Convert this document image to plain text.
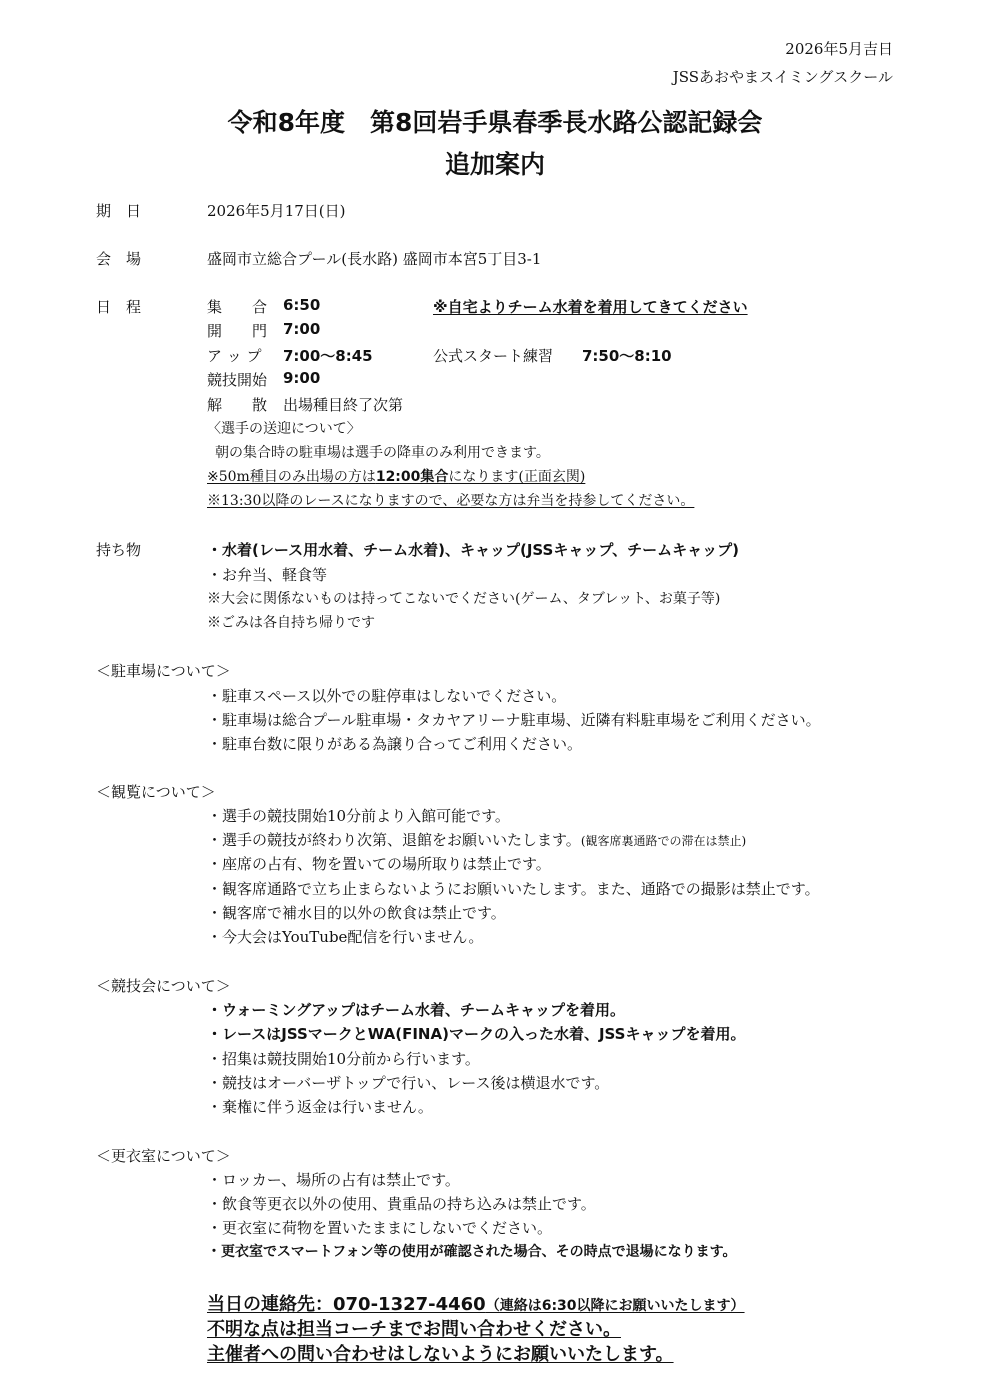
2026年5月吉日
JSSあおやまスイミングスクール
令和8年度　第8回岩手県春季長水路公認記録会
追加案内
期　日	2026年5月17日(日)
会　場	盛岡市立総合プール(長水路) 盛岡市本宮5丁目3-1
日　程	集　　合 6:50	※自宅よりチーム水着を着用してきてください
開　　門 7:00
ア ッ プ 7:00〜8:45	公式スタート練習 7:50〜8:10
競技開始 9:00
解　　散 出場種目終了次第
〈選手の送迎について〉
朝の集合時の駐車場は選手の降車のみ利用できます。
※50m種目のみ出場の方は12:00集合になります(正面玄関)
※13:30以降のレースになりますので、必要な方は弁当を持参してください。
持ち物	・水着(レース用水着、チーム水着)、キャップ(JSSキャップ、チームキャップ)
・お弁当、軽食等
※大会に関係ないものは持ってこないでください(ゲーム、タブレット、お菓子等)
※ごみは各自持ち帰りです
＜駐車場について＞
・駐車スペース以外での駐停車はしないでください。
・駐車場は総合プール駐車場・タカヤアリーナ駐車場、近隣有料駐車場をご利用ください。
・駐車台数に限りがある為譲り合ってご利用ください。
＜観覧について＞
・選手の競技開始10分前より入館可能です。
・選手の競技が終わり次第、退館をお願いいたします。(観客席裏通路での滞在は禁止)
・座席の占有、物を置いての場所取りは禁止です。
・観客席通路で立ち止まらないようにお願いいたします。また、通路での撮影は禁止です。
・観客席で補水目的以外の飲食は禁止です。
・今大会はYouTube配信を行いません。
＜競技会について＞
・ウォーミングアップはチーム水着、チームキャップを着用。
・レースはJSSマークとWA(FINA)マークの入った水着、JSSキャップを着用。
・招集は競技開始10分前から行います。
・競技はオーバーザトップで行い、レース後は横退水です。
・棄権に伴う返金は行いません。
＜更衣室について＞
・ロッカー、場所の占有は禁止です。
・飲食等更衣以外の使用、貴重品の持ち込みは禁止です。
・更衣室に荷物を置いたままにしないでください。
・更衣室でスマートフォン等の使用が確認された場合、その時点で退場になります。
当日の連絡先：070-1327-4460（連絡は6:30以降にお願いいたします）
不明な点は担当コーチまでお問い合わせください。
主催者への問い合わせはしないようにお願いいたします。
